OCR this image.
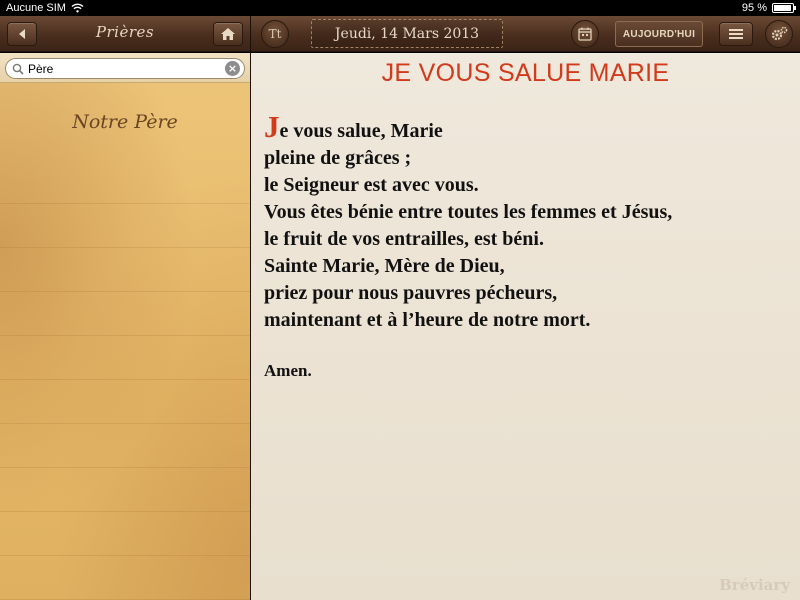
Aucune SIM	95 %
Prières	Tt	Jeudi, 14 Mars 2013	AUJOURD'HUI
Père
×
Notre Père
JE VOUS SALUE MARIE
Je vous salue, Marie
pleine de grâces ;
le Seigneur est avec vous.
Vous êtes bénie entre toutes les femmes et Jésus,
le fruit de vos entrailles, est béni.
Sainte Marie, Mère de Dieu,
priez pour nous pauvres pécheurs,
maintenant et à l’heure de notre mort.
Amen.
Bréviary
